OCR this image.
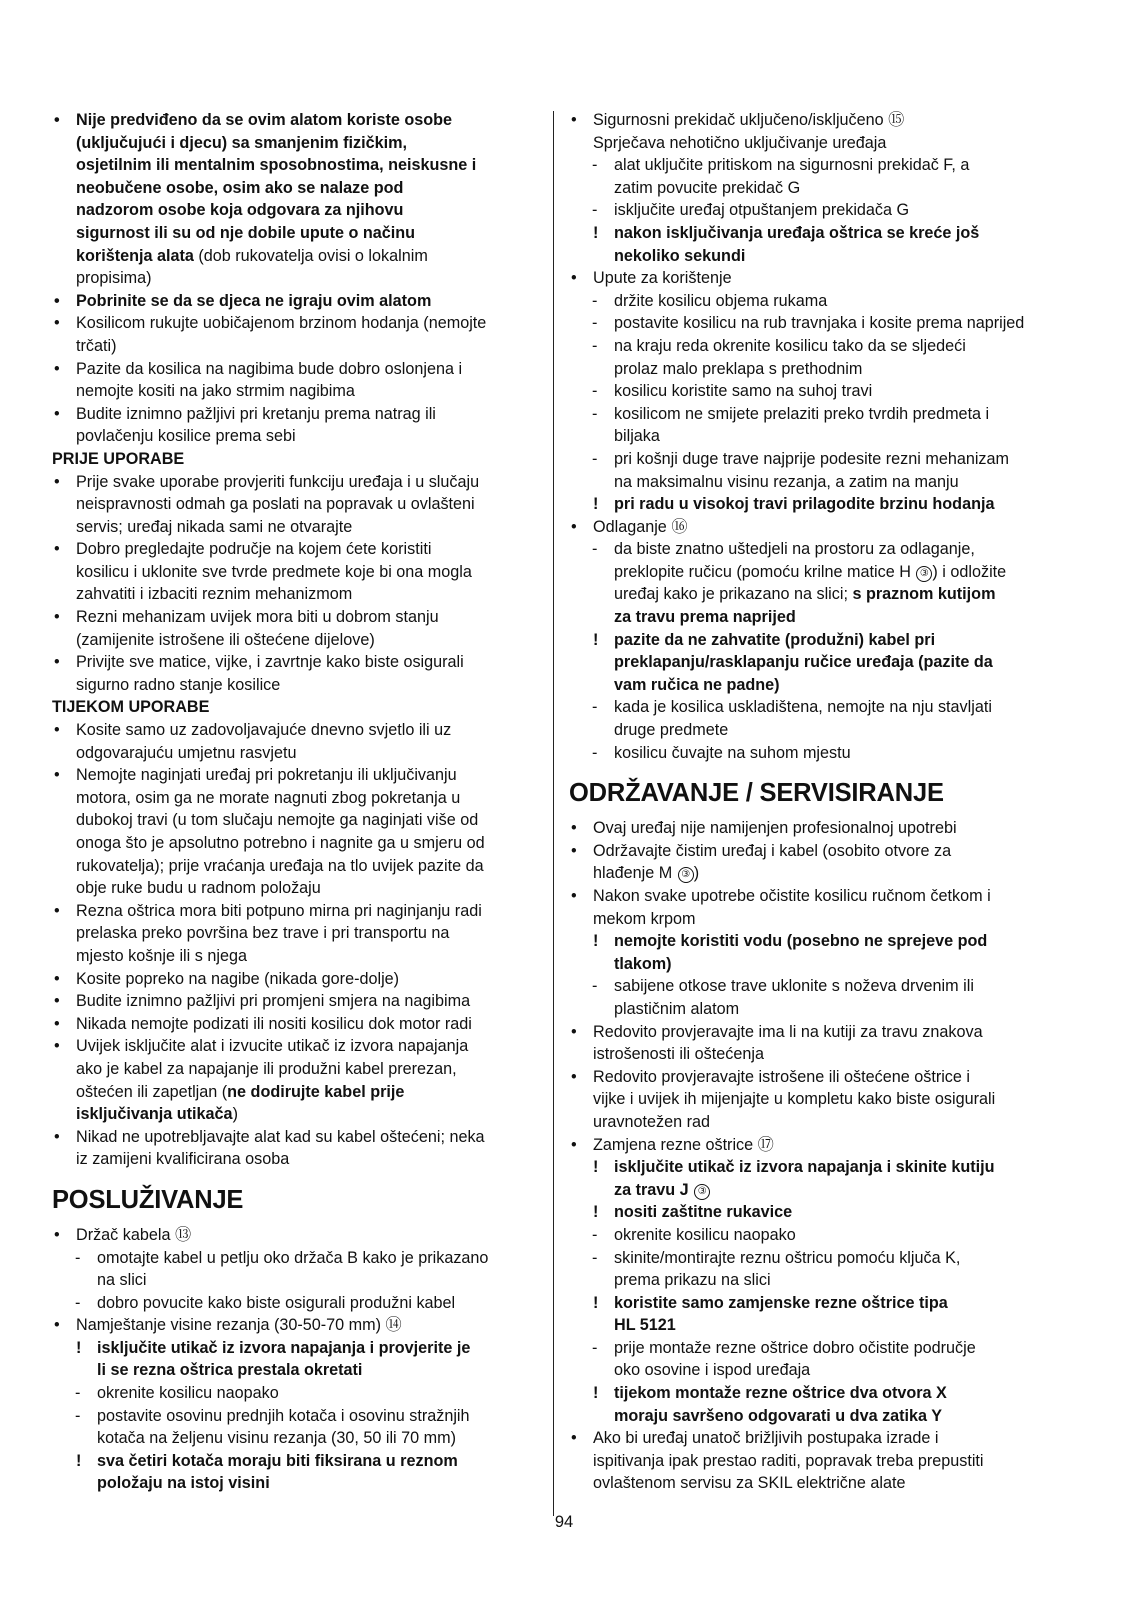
• Nije predviđeno da se ovim alatom koriste osobe
(uključujući i djecu) sa smanjenim fizičkim,
osjetilnim ili mentalnim sposobnostima, neiskusne i
neobučene osobe, osim ako se nalaze pod
nadzorom osobe koja odgovara za njihovu
sigurnost ili su od nje dobile upute o načinu
korištenja alata (dob rukovatelja ovisi o lokalnim
propisima)
• Pobrinite se da se djeca ne igraju ovim alatom
• Kosilicom rukujte uobičajenom brzinom hodanja (nemojte
trčati)
• Pazite da kosilica na nagibima bude dobro oslonjena i
nemojte kositi na jako strmim nagibima
• Budite iznimno pažljivi pri kretanju prema natrag ili
povlačenju kosilice prema sebi
PRIJE UPORABE
• Prije svake uporabe provjeriti funkciju uređaja i u slučaju
neispravnosti odmah ga poslati na popravak u ovlašteni
servis; uređaj nikada sami ne otvarajte
• Dobro pregledajte područje na kojem ćete koristiti
kosilicu i uklonite sve tvrde predmete koje bi ona mogla
zahvatiti i izbaciti reznim mehanizmom
• Rezni mehanizam uvijek mora biti u dobrom stanju
(zamijenite istrošene ili oštećene dijelove)
• Privijte sve matice, vijke, i zavrtnje kako biste osigurali
sigurno radno stanje kosilice
TIJEKOM UPORABE
• Kosite samo uz zadovoljavajuće dnevno svjetlo ili uz
odgovarajuću umjetnu rasvjetu
• Nemojte naginjati uređaj pri pokretanju ili uključivanju
motora, osim ga ne morate nagnuti zbog pokretanja u
dubokoj travi (u tom slučaju nemojte ga naginjati više od
onoga što je apsolutno potrebno i nagnite ga u smjeru od
rukovatelja); prije vraćanja uređaja na tlo uvijek pazite da
obje ruke budu u radnom položaju
• Rezna oštrica mora biti potpuno mirna pri naginjanju radi
prelaska preko površina bez trave i pri transportu na
mjesto košnje ili s njega
• Kosite popreko na nagibe (nikada gore-dolje)
• Budite iznimno pažljivi pri promjeni smjera na nagibima
• Nikada nemojte podizati ili nositi kosilicu dok motor radi
• Uvijek isključite alat i izvucite utikač iz izvora napajanja
ako je kabel za napajanje ili produžni kabel prerezan,
oštećen ili zapetljan (ne dodirujte kabel prije
isključivanja utikača)
• Nikad ne upotrebljavajte alat kad su kabel oštećeni; neka
iz zamijeni kvalificirana osoba
POSLUŽIVANJE
• Držač kabela ⑬
- omotajte kabel u petlju oko držača B kako je prikazano
na slici
- dobro povucite kako biste osigurali produžni kabel
• Namještanje visine rezanja (30-50-70 mm) ⑭
! isključite utikač iz izvora napajanja i provjerite je
li se rezna oštrica prestala okretati
- okrenite kosilicu naopako
- postavite osovinu prednjih kotača i osovinu stražnjih
kotača na željenu visinu rezanja (30, 50 ili 70 mm)
! sva četiri kotača moraju biti fiksirana u reznom
položaju na istoj visini
• Sigurnosni prekidač uključeno/isključeno ⑮
Sprječava nehotično uključivanje uređaja
- alat uključite pritiskom na sigurnosni prekidač F, a
zatim povucite prekidač G
- isključite uređaj otpuštanjem prekidača G
! nakon isključivanja uređaja oštrica se kreće još
nekoliko sekundi
• Upute za korištenje
- držite kosilicu objema rukama
- postavite kosilicu na rub travnjaka i kosite prema naprijed
- na kraju reda okrenite kosilicu tako da se sljedeći
prolaz malo preklapa s prethodnim
- kosilicu koristite samo na suhoj travi
- kosilicom ne smijete prelaziti preko tvrdih predmeta i
biljaka
- pri košnji duge trave najprije podesite rezni mehanizam
na maksimalnu visinu rezanja, a zatim na manju
! pri radu u visokoj travi prilagodite brzinu hodanja
• Odlaganje ⑯
- da biste znatno uštedjeli na prostoru za odlaganje,
preklopite ručicu (pomoću krilne matice H ③ ) i odložite
uređaj kako je prikazano na slici; s praznom kutijom
za travu prema naprijed
! pazite da ne zahvatite (produžni) kabel pri
preklapanju/rasklapanju ručice uređaja (pazite da
vam ručica ne padne)
- kada je kosilica uskladištena, nemojte na nju stavljati
druge predmete
- kosilicu čuvajte na suhom mjestu
ODRŽAVANJE / SERVISIRANJE
• Ovaj uređaj nije namijenjen profesionalnoj upotrebi
• Održavajte čistim uređaj i kabel (osobito otvore za
hlađenje M ③ )
• Nakon svake upotrebe očistite kosilicu ručnom četkom i
mekom krpom
! nemojte koristiti vodu (posebno ne sprejeve pod
tlakom)
- sabijene otkose trave uklonite s noževa drvenim ili
plastičnim alatom
• Redovito provjeravajte ima li na kutiji za travu znakova
istrošenosti ili oštećenja
• Redovito provjeravajte istrošene ili oštećene oštrice i
vijke i uvijek ih mijenjajte u kompletu kako biste osigurali
uravnotežen rad
• Zamjena rezne oštrice ⑰
! isključite utikač iz izvora napajanja i skinite kutiju
za travu J ③
! nositi zaštitne rukavice
- okrenite kosilicu naopako
- skinite/montirajte reznu oštricu pomoću ključa K,
prema prikazu na slici
! koristite samo zamjenske rezne oštrice tipa
HL 5121
- prije montaže rezne oštrice dobro očistite područje
oko osovine i ispod uređaja
! tijekom montaže rezne oštrice dva otvora X
moraju savršeno odgovarati u dva zatika Y
• Ako bi uređaj unatoč brižljivih postupaka izrade i
ispitivanja ipak prestao raditi, popravak treba prepustiti
ovlaštenom servisu za SKIL električne alate
94
